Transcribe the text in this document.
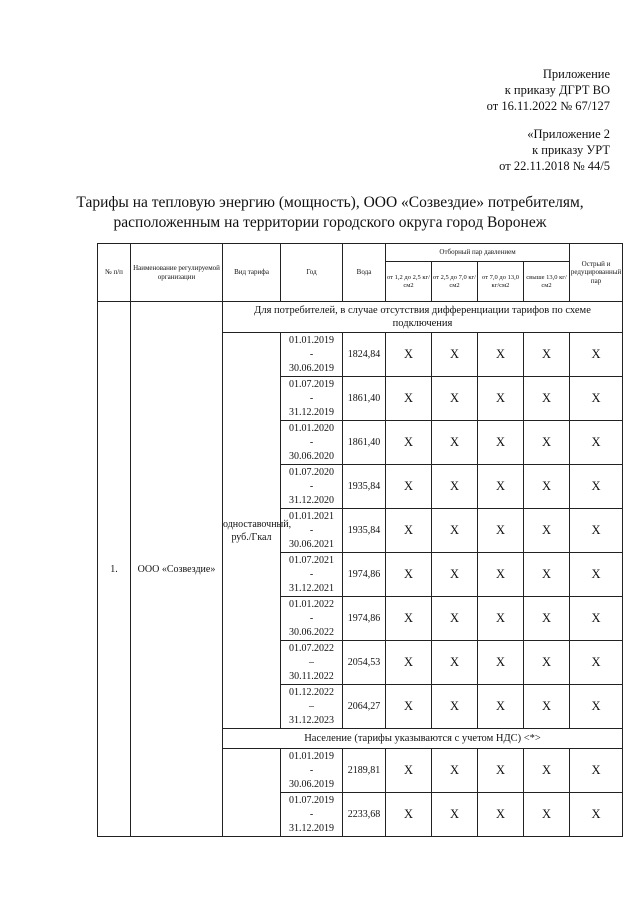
Приложение
к приказу ДГРТ ВО
от 16.11.2022 № 67/127
«Приложение 2
к приказу УРТ
от 22.11.2018 № 44/5
Тарифы на тепловую энергию (мощность), ООО «Созвездие» потребителям,
расположенным на территории городского округа город Воронеж
№ п/п	Наименование регулируемой организации	Вид тарифа	Год	Вода	Отборный пар давлением				Острый и редуцированный пар
					от 1,2 до 2,5 кг/см2	от 2,5 до 7,0 кг/см2	от 7,0 до 13,0 кг/см2	свыше 13,0 кг/см2	
1.	ООО «Созвездие»	Для потребителей, в случае отсутствия дифференциации тарифов по схеме подключения							
		одноставочный, руб./Гкал	01.01.2019
-
30.06.2019	1824,84	X	X	X	X	X

			01.07.2019
-
31.12.2019	1861,40	X	X	X	X	X

			01.01.2020
-
30.06.2020	1861,40	X	X	X	X	X

			01.07.2020
-
31.12.2020	1935,84	X	X	X	X	X

			01.01.2021
-
30.06.2021	1935,84	X	X	X	X	X

			01.07.2021
-
31.12.2021	1974,86	X	X	X	X	X

			01.01.2022
-
30.06.2022	1974,86	X	X	X	X	X

			01.07.2022
–
30.11.2022	2054,53	X	X	X	X	X

			01.12.2022
–
31.12.2023	2064,27	X	X	X	X	X
		Население (тарифы указываются с учетом НДС) <*>							

			01.01.2019
-
30.06.2019	2189,81	X	X	X	X	X

			01.07.2019
-
31.12.2019	2233,68	X	X	X	X	X
